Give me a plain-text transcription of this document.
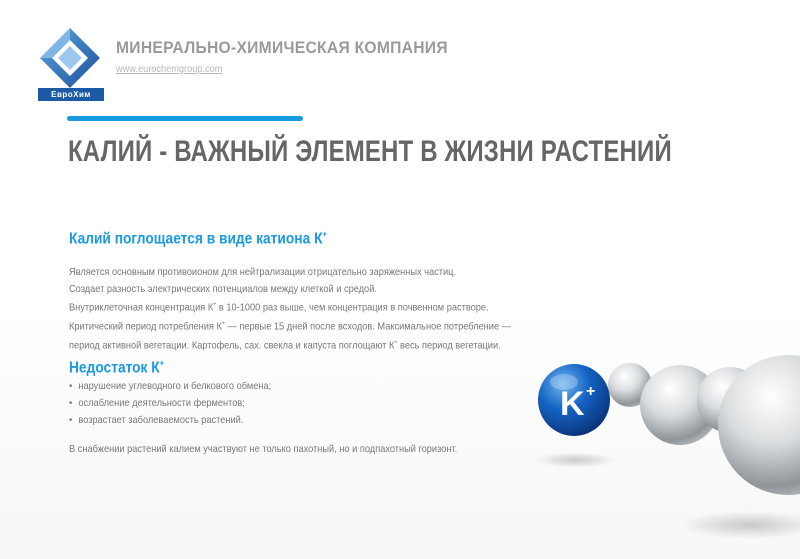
ЕвроХим
МИНЕРАЛЬНО-ХИМИЧЕСКАЯ КОМПАНИЯ
www.eurochemgroup.com
КАЛИЙ - ВАЖНЫЙ ЭЛЕМЕНТ В ЖИЗНИ РАСТЕНИЙ
Калий поглощается в виде катиона К+
Является основным противоионом для нейтрализации отрицательно заряженных частиц.
Создает разность электрических потенциалов между клеткой и средой.
Внутриклеточная концентрация К+ в 10-1000 раз выше, чем концентрация в почвенном растворе.
Критический период потребления К+ — первые 15 дней после всходов. Максимальное потребление —
период активной вегетации. Картофель, сах. свекла и капуста поглощают К+ весь период вегетации.
Недостаток К+
• нарушение углеводного и белкового обмена;
• ослабление деятельности ферментов;
• возрастает заболеваемость растений.
В снабжении растений калием участвуют не только пахотный, но и подпахотный горизонт.
K +
